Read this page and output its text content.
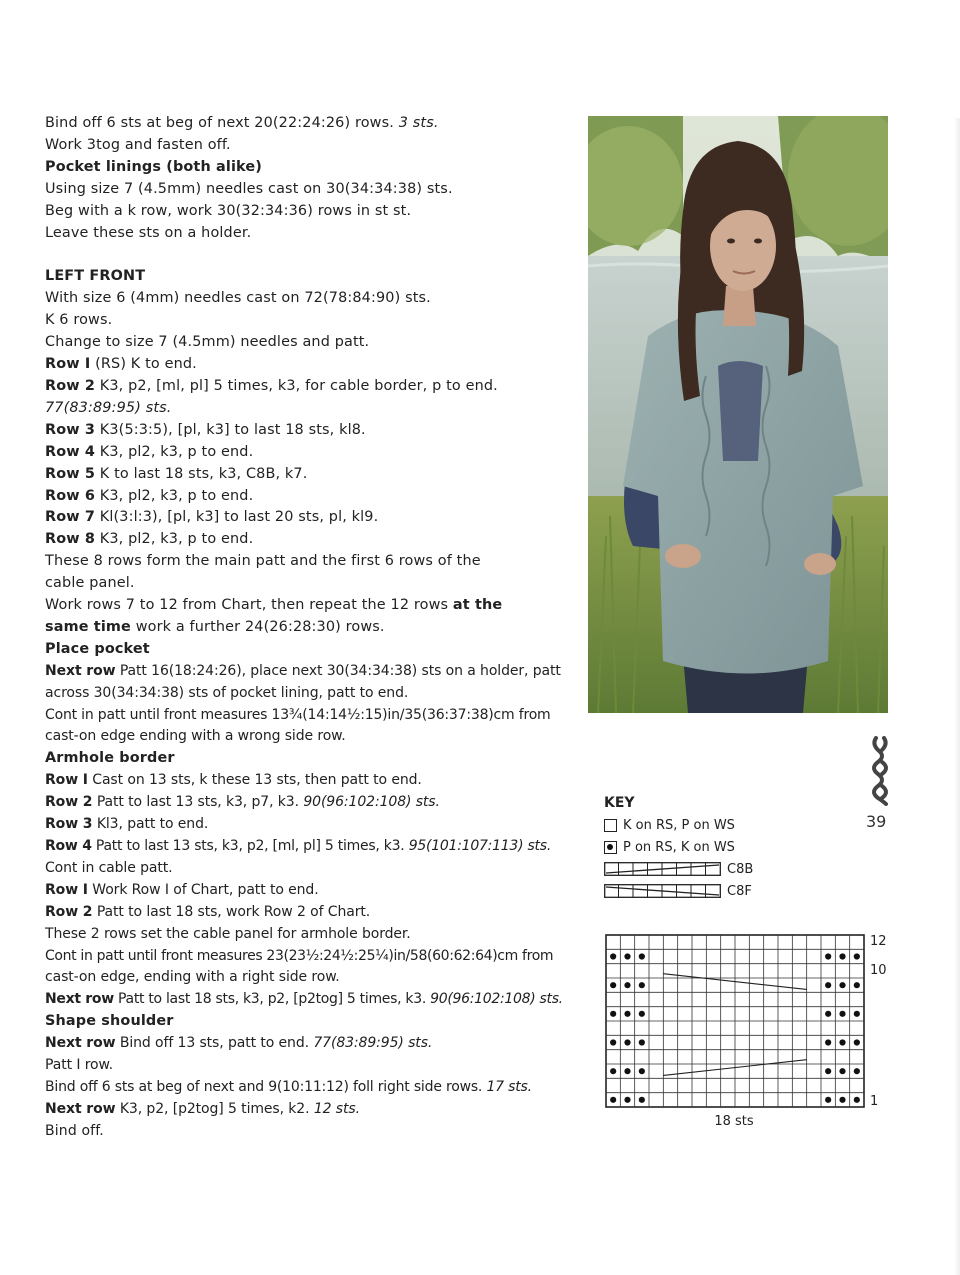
Bind off 6 sts at beg of next 20(22:24:26) rows. 3 sts.
Work 3tog and fasten off.
Pocket linings (both alike)
Using size 7 (4.5mm) needles cast on 30(34:34:38) sts.
Beg with a k row, work 30(32:34:36) rows in st st.
Leave these sts on a holder.
LEFT FRONT
With size 6 (4mm) needles cast on 72(78:84:90) sts.
K 6 rows.
Change to size 7 (4.5mm) needles and patt.
Row I (RS) K to end.
Row 2 K3, p2, [ml, pl] 5 times, k3, for cable border, p to end.
77(83:89:95) sts.
Row 3 K3(5:3:5), [pl, k3] to last 18 sts, kl8.
Row 4 K3, pl2, k3, p to end.
Row 5 K to last 18 sts, k3, C8B, k7.
Row 6 K3, pl2, k3, p to end.
Row 7 Kl(3:l:3), [pl, k3] to last 20 sts, pl, kl9.
Row 8 K3, pl2, k3, p to end.
These 8 rows form the main patt and the first 6 rows of the
cable panel.
Work rows 7 to 12 from Chart, then repeat the 12 rows at the
same time work a further 24(26:28:30) rows.
Place pocket
Next row Patt 16(18:24:26), place next 30(34:34:38) sts on a holder, patt
across 30(34:34:38) sts of pocket lining, patt to end.
Cont in patt until front measures 13¾(14:14½:15)in/35(36:37:38)cm from
cast-on edge ending with a wrong side row.
Armhole border
Row I Cast on 13 sts, k these 13 sts, then patt to end.
Row 2 Patt to last 13 sts, k3, p7, k3. 90(96:102:108) sts.
Row 3 Kl3, patt to end.
Row 4 Patt to last 13 sts, k3, p2, [ml, pl] 5 times, k3. 95(101:107:113) sts.
Cont in cable patt.
Row I Work Row I of Chart, patt to end.
Row 2 Patt to last 18 sts, work Row 2 of Chart.
These 2 rows set the cable panel for armhole border.
Cont in patt until front measures 23(23½:24½:25¼)in/58(60:62:64)cm from
cast-on edge, ending with a right side row.
Next row Patt to last 18 sts, k3, p2, [p2tog] 5 times, k3. 90(96:102:108) sts.
Shape shoulder
Next row Bind off 13 sts, patt to end. 77(83:89:95) sts.
Patt I row.
Bind off 6 sts at beg of next and 9(10:11:12) foll right side rows. 17 sts.
Next row K3, p2, [p2tog] 5 times, k2. 12 sts.
Bind off.
KEY
K on RS, P on WS
P on RS, K on WS
C8B
C8F
12
10
1
18 sts
39
